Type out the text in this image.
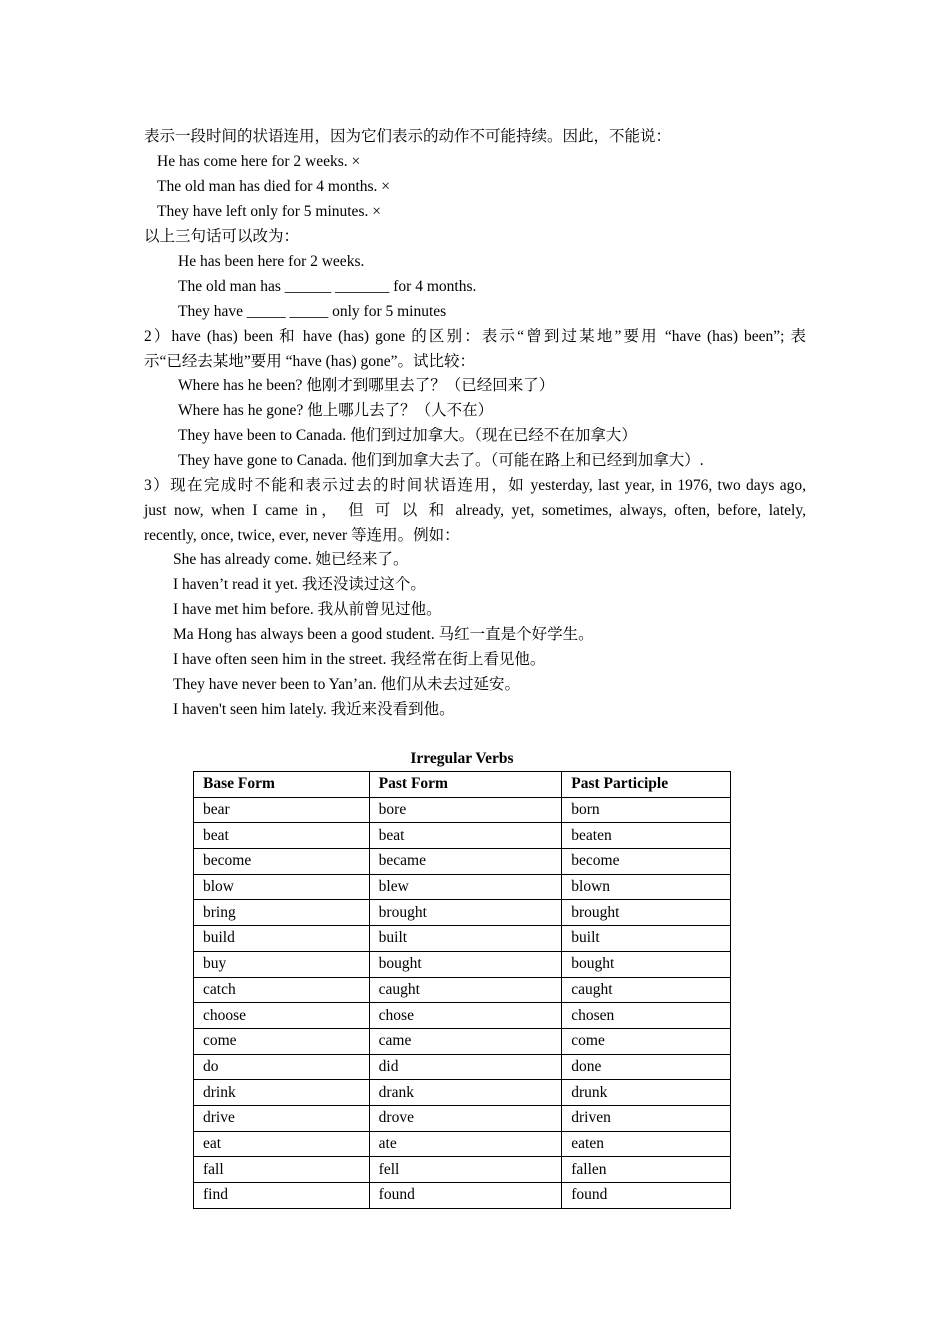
表示一段时间的状语连用，因为它们表示的动作不可能持续。因此，不能说：
He has come here for 2 weeks. ×
The old man has died for 4 months. ×
They have left only for 5 minutes. ×
以上三句话可以改为：
He has been here for 2 weeks.
The old man has ______ _______ for 4 months.
They have _____ _____ only for 5 minutes
2）have (has) been 和 have (has) gone 的区别：表示“曾到过某地”要用 “have (has) been”; 表
示“已经去某地”要用 “have (has) gone”。试比较：
Where has he been? 他刚才到哪里去了？（已经回来了）
Where has he gone? 他上哪儿去了？（人不在）
They have been to Canada. 他们到过加拿大。（现在已经不在加拿大）
They have gone to Canada. 他们到加拿大去了。（可能在路上和已经到加拿大）.
3）现在完成时不能和表示过去的时间状语连用，如 yesterday, last year, in 1976, two days ago,
just now, when I came in， 但 可 以 和 already, yet, sometimes, always, often, before, lately,
recently, once, twice, ever, never 等连用。例如：
She has already come. 她已经来了。
I haven’t read it yet. 我还没读过这个。
I have met him before. 我从前曾见过他。
Ma Hong has always been a good student. 马红一直是个好学生。
I have often seen him in the street. 我经常在街上看见他。
They have never been to Yan’an. 他们从未去过延安。
I haven't seen him lately. 我近来没看到他。
Irregular Verbs
Base Form	Past Form	Past Participle
bear	bore	born
beat	beat	beaten
become	became	become
blow	blew	blown
bring	brought	brought
build	built	built
buy	bought	bought
catch	caught	caught
choose	chose	chosen
come	came	come
do	did	done
drink	drank	drunk
drive	drove	driven
eat	ate	eaten
fall	fell	fallen
find	found	found
